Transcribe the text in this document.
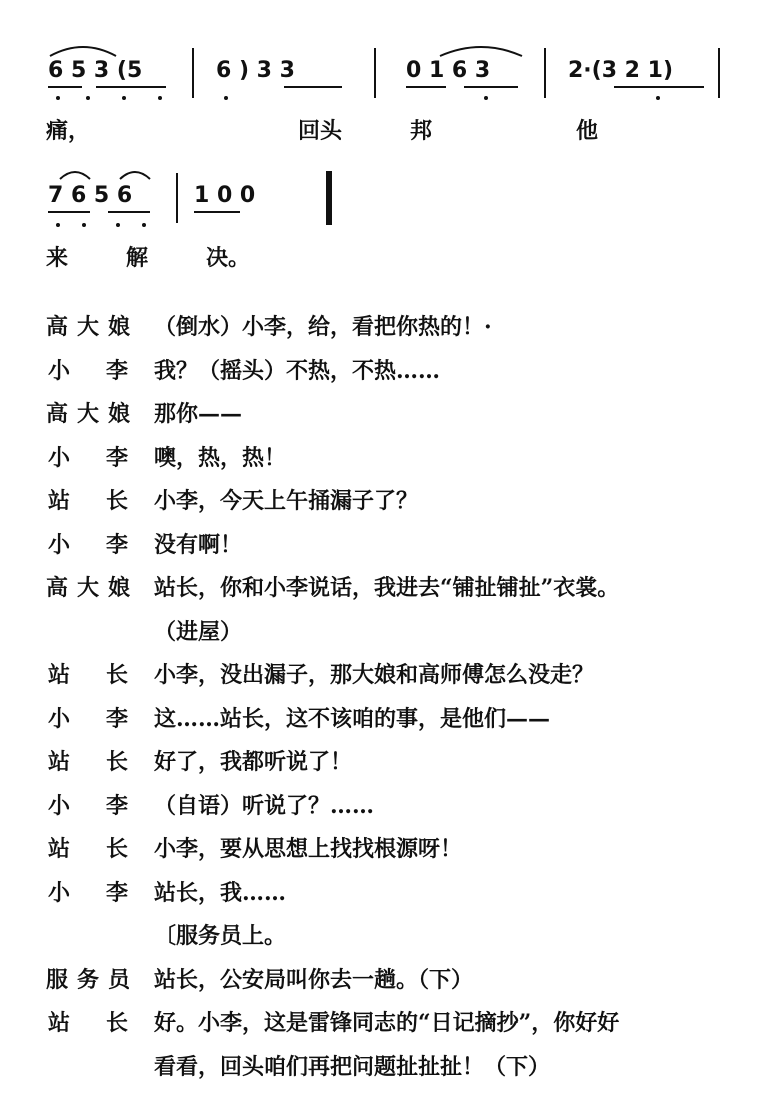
6 5 3 (5	6 ) 3 3	0 1 6 3	2·(3 2 1)
痛，	回头	邦	他
7 6 5 6	1 0 0
来	解	决。
高 大 娘 （倒水）小李，给，看把你热的！·
小 李 我？（摇头）不热，不热……
高 大 娘 那你——
小 李 噢，热，热！
站 长 小李，今天上午捅漏子了？
小 李 没有啊！
高 大 娘 站长，你和小李说话，我进去“铺扯铺扯”衣裳。
（进屋）
站 长 小李，没出漏子，那大娘和高师傅怎么没走？
小 李 这……站长，这不该咱的事，是他们——
站 长 好了，我都听说了！
小 李 （自语）听说了？……
站 长 小李，要从思想上找找根源呀！
小 李 站长，我……
〔服务员上。
服 务 员 站长，公安局叫你去一趟。（下）
站 长 好。小李，这是雷锋同志的“日记摘抄”，你好好
看看，回头咱们再把问题扯扯扯！（下）
